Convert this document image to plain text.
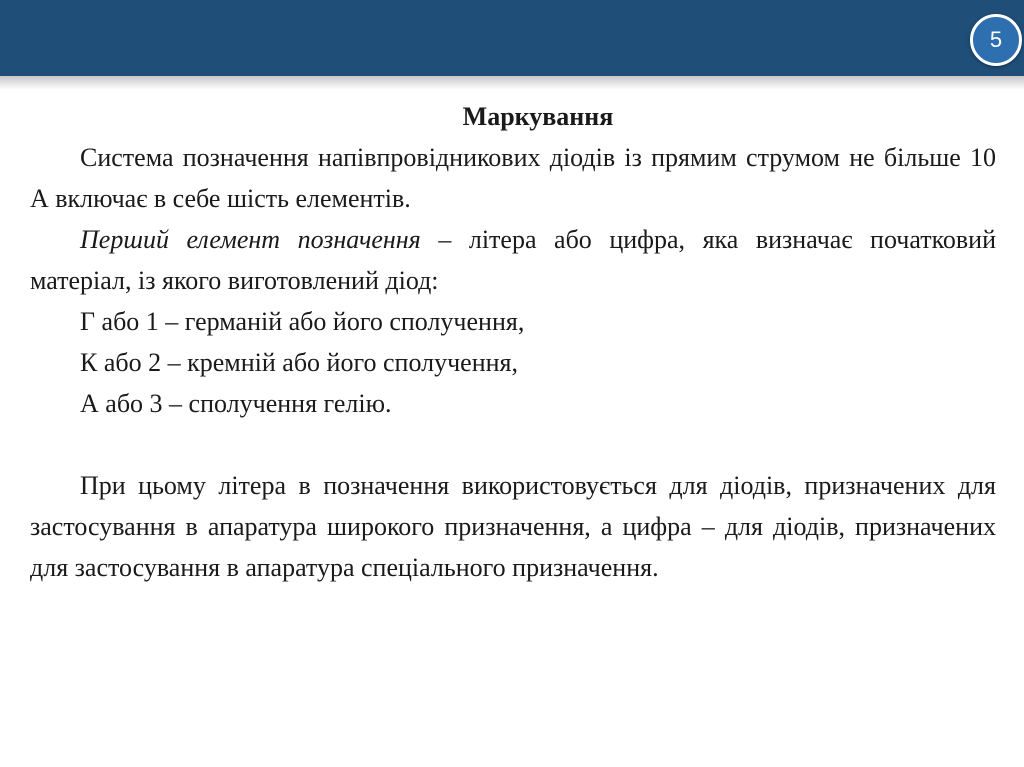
5

Маркування

Система позначення напівпровідникових діодів із прямим струмом не більше 10 А включає в себе шість елементів.

Перший елемент позначення – літера або цифра, яка визначає початковий матеріал, із якого виготовлений діод:

Г або 1 – германій або його сполучення,

К або 2 – кремній або його сполучення,

А або 3 – сполучення гелію.

При цьому літера в позначення використовується для діодів, призначених для застосування в апаратура широкого призначення, а цифра – для діодів, призначених для застосування в апаратура спеціального призначення.
